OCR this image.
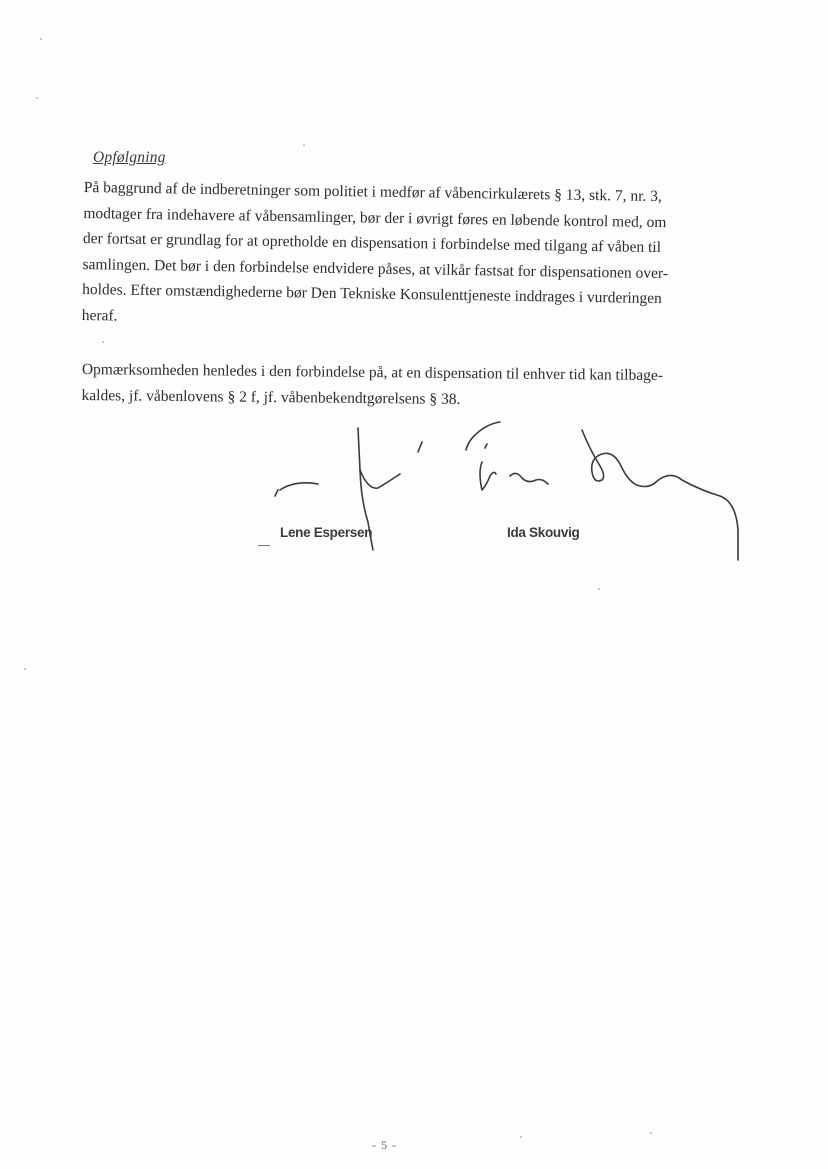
Opfølgning

På baggrund af de indberetninger som politiet i medfør af våbencirkulærets § 13, stk. 7, nr. 3,
modtager fra indehavere af våbensamlinger, bør der i øvrigt føres en løbende kontrol med, om
der fortsat er grundlag for at opretholde en dispensation i forbindelse med tilgang af våben til
samlingen. Det bør i den forbindelse endvidere påses, at vilkår fastsat for dispensationen over-
holdes. Efter omstændighederne bør Den Tekniske Konsulenttjeneste inddrages i vurderingen
heraf.

Opmærksomheden henledes i den forbindelse på, at en dispensation til enhver tid kan tilbage-
kaldes, jf. våbenlovens § 2 f, jf. våbenbekendtgørelsens § 38.

Lene Espersen	Ida Skouvig
- 5 -
